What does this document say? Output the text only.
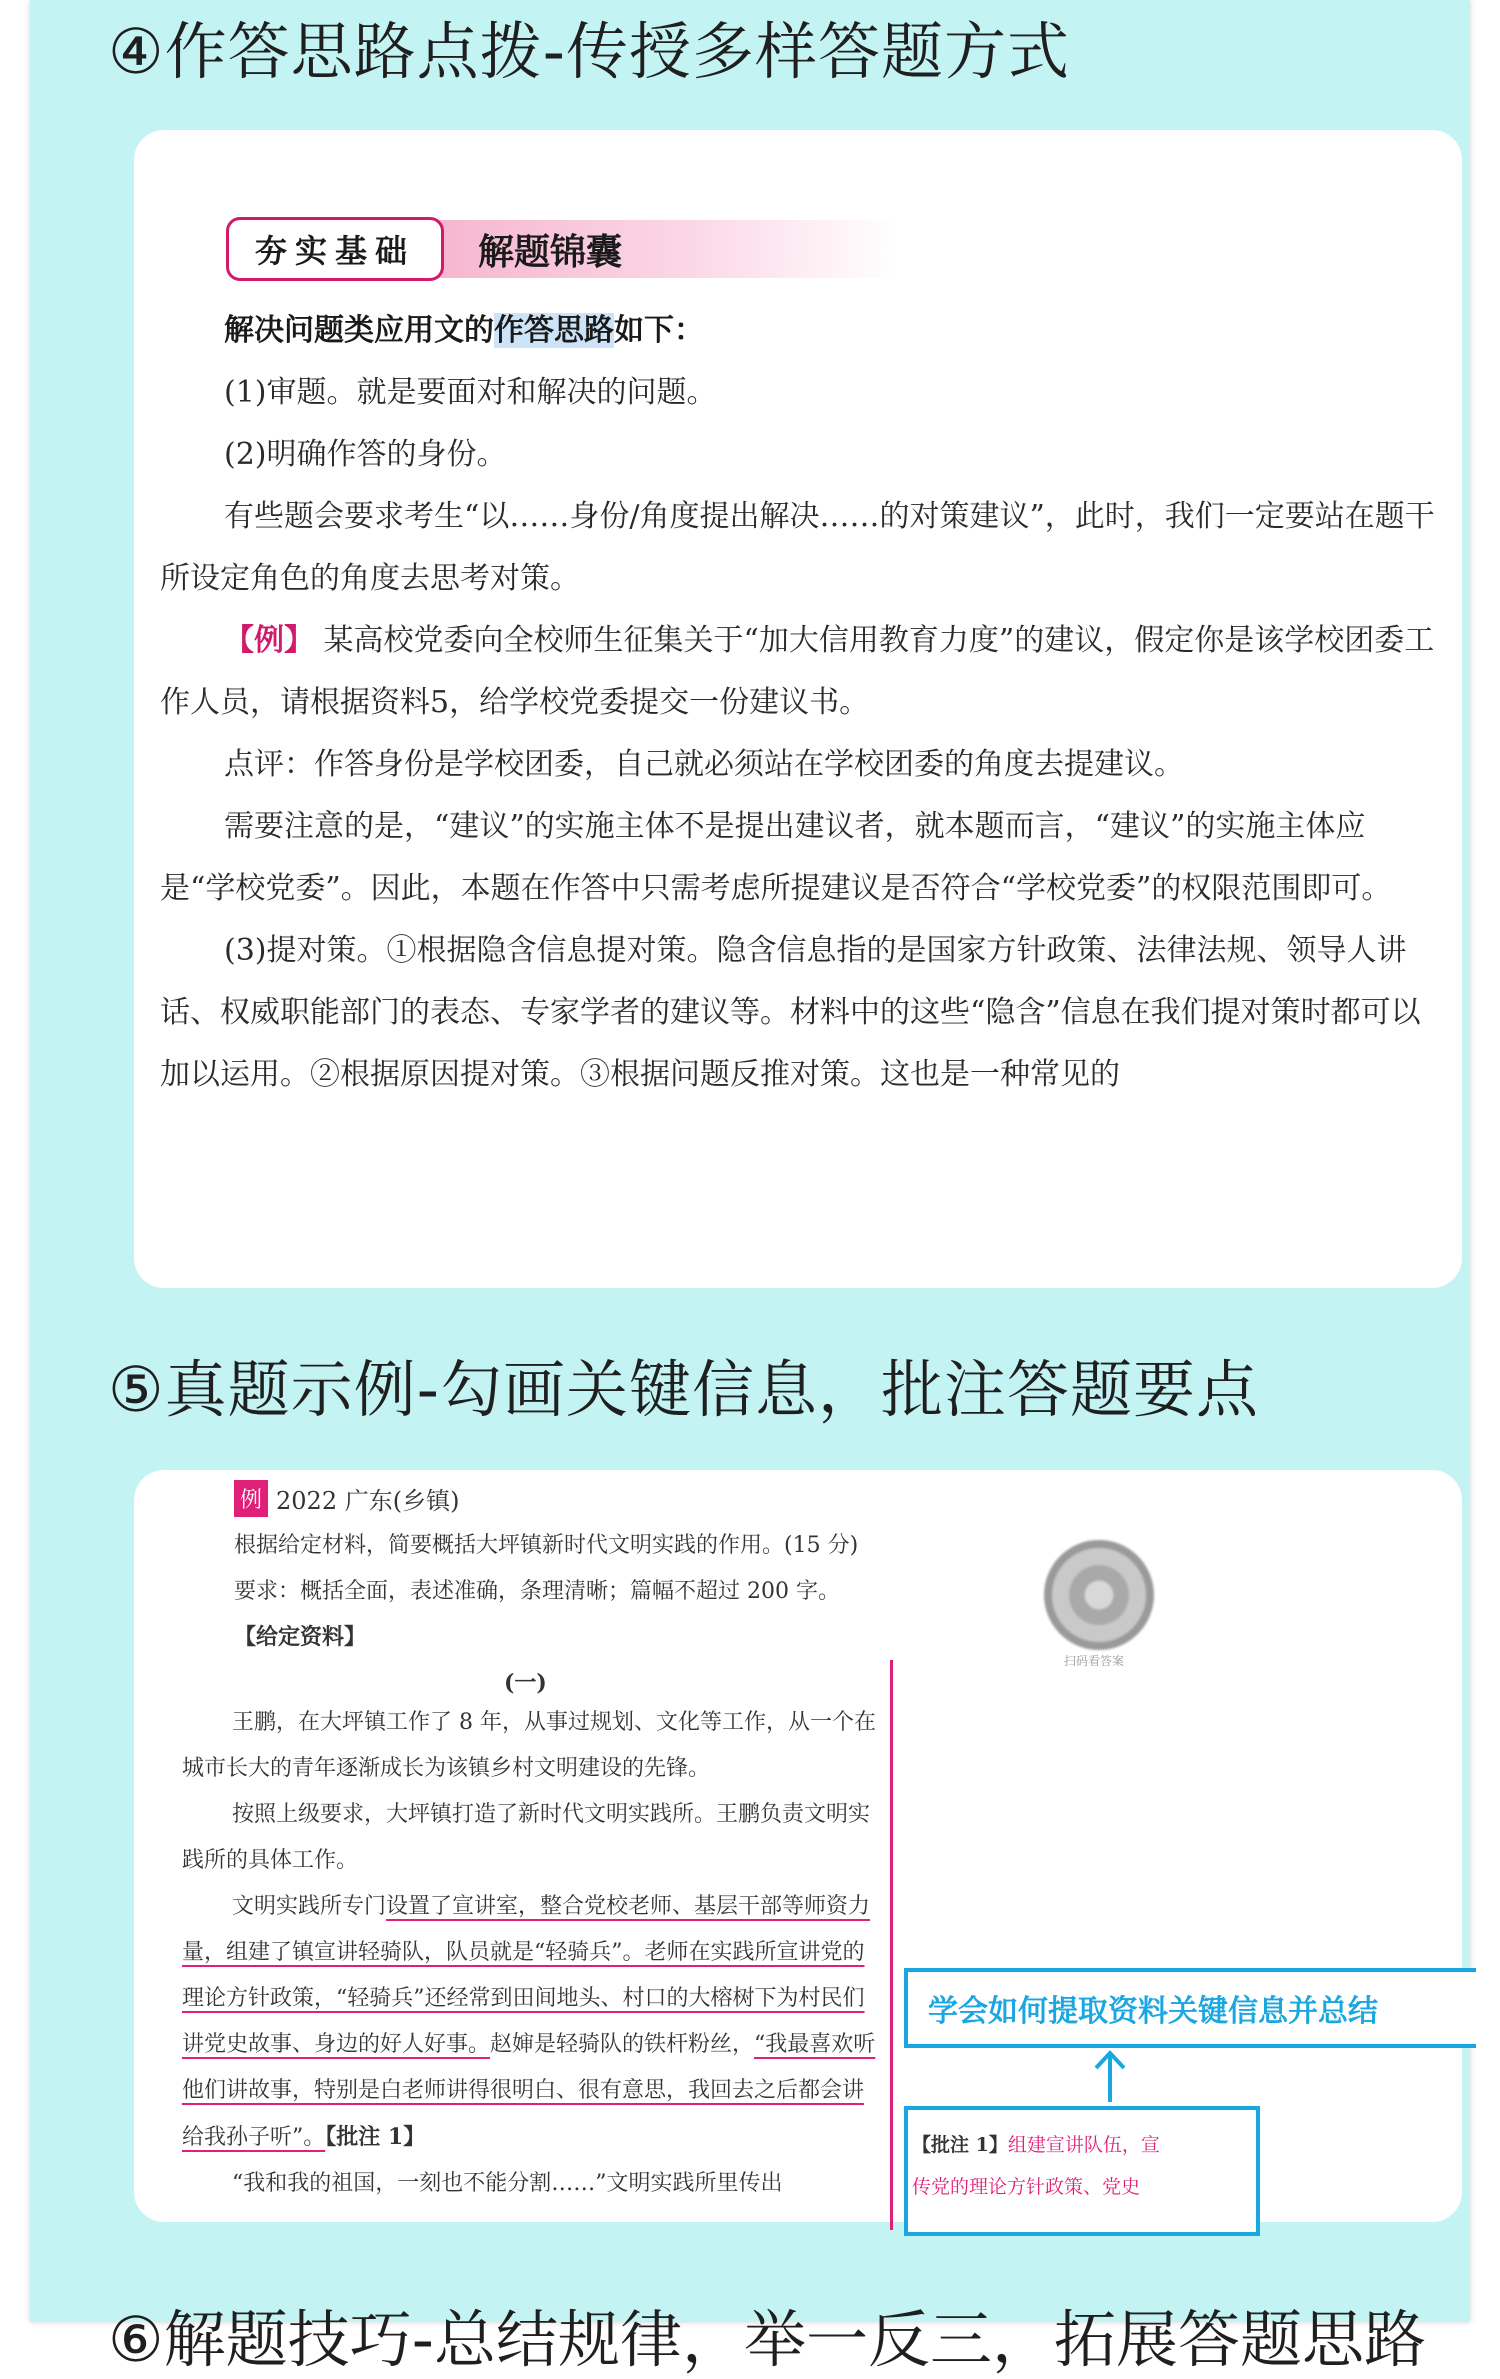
④作答思路点拨-传授多样答题方式
夯实基础	解题锦囊

解决问题类应用文的作答思路如下：

(1)审题。就是要面对和解决的问题。

(2)明确作答的身份。

有些题会要求考生“以……身份/角度提出解决……的对策建议”，此时，我们一定要站在题干所设定角色的角度去思考对策。

【例】 某高校党委向全校师生征集关于“加大信用教育力度”的建议，假定你是该学校团委工作人员，请根据资料5，给学校党委提交一份建议书。

点评：作答身份是学校团委，自己就必须站在学校团委的角度去提建议。

需要注意的是，“建议”的实施主体不是提出建议者，就本题而言，“建议”的实施主体应是“学校党委”。因此，本题在作答中只需考虑所提建议是否符合“学校党委”的权限范围即可。

(3)提对策。①根据隐含信息提对策。隐含信息指的是国家方针政策、法律法规、领导人讲话、权威职能部门的表态、专家学者的建议等。材料中的这些“隐含”信息在我们提对策时都可以加以运用。②根据原因提对策。③根据问题反推对策。这也是一种常见的

⑤真题示例-勾画关键信息，批注答题要点
例 2022 广东(乡镇)
根据给定材料，简要概括大坪镇新时代文明实践的作用。(15 分)
要求：概括全面，表述准确，条理清晰；篇幅不超过 200 字。
【给定资料】
(一)
扫码看答案

王鹏，在大坪镇工作了 8 年，从事过规划、文化等工作，从一个在城市长大的青年逐渐成长为该镇乡村文明建设的先锋。

按照上级要求，大坪镇打造了新时代文明实践所。王鹏负责文明实践所的具体工作。

文明实践所专门设置了宣讲室，整合党校老师、基层干部等师资力量，组建了镇宣讲轻骑队，队员就是“轻骑兵”。老师在实践所宣讲党的理论方针政策，“轻骑兵”还经常到田间地头、村口的大榕树下为村民们讲党史故事、身边的好人好事。赵婶是轻骑队的铁杆粉丝，“我最喜欢听他们讲故事，特别是白老师讲得很明白、很有意思，我回去之后都会讲给我孙子听”。【批注 1】

“我和我的祖国，一刻也不能分割……”文明实践所里传出

学会如何提取资料关键信息并总结
【批注 1】组建宣讲队伍，宣
传党的理论方针政策、党史
⑥解题技巧-总结规律，举一反三，拓展答题思路
